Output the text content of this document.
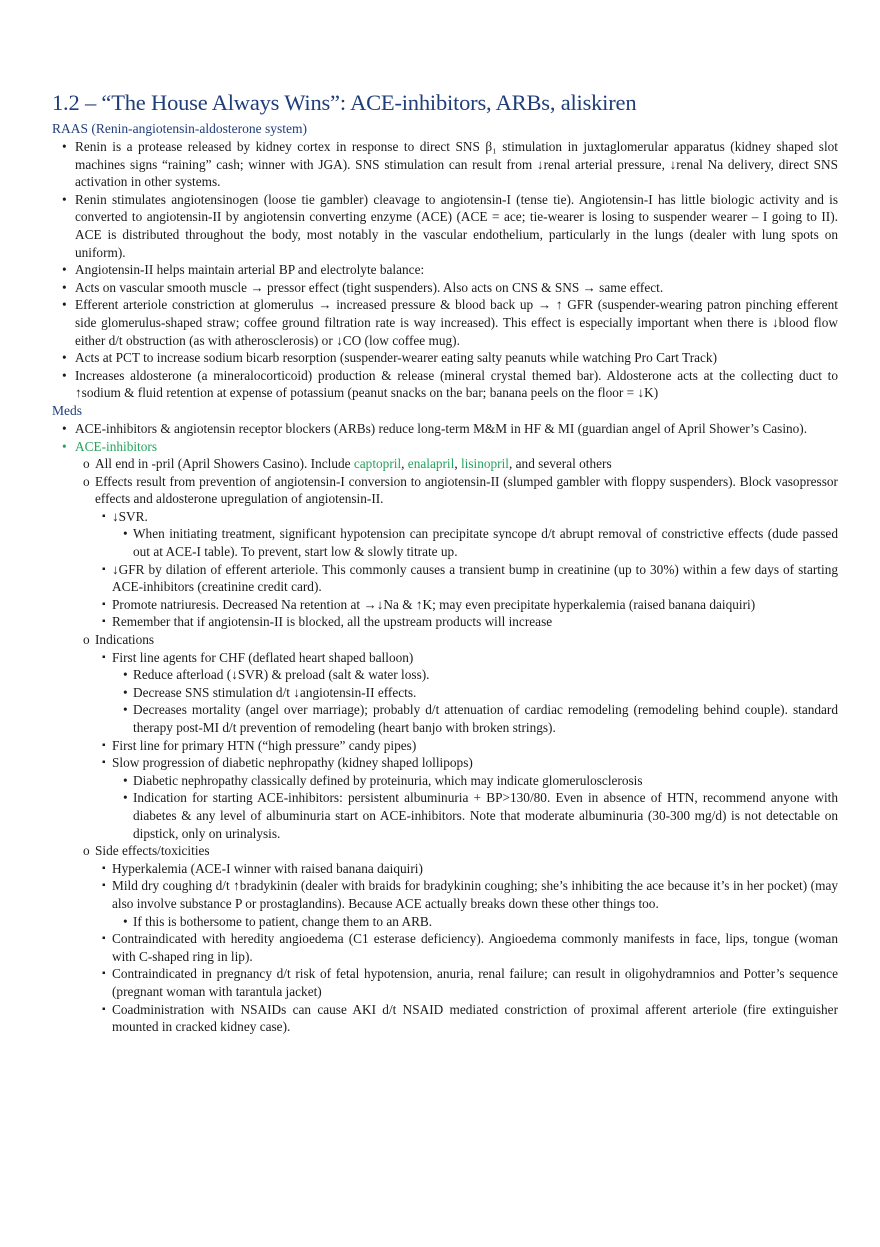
1.2 – “The House Always Wins”: ACE-inhibitors, ARBs, aliskiren
RAAS (Renin-angiotensin-aldosterone system)
• Renin is a protease released by kidney cortex in response to direct SNS β₁ stimulation in juxtaglomerular apparatus (kidney shaped slot machines signs “raining” cash; winner with JGA). SNS stimulation can result from ↓renal arterial pressure, ↓renal Na delivery, direct SNS activation in other systems.
• Renin stimulates angiotensinogen (loose tie gambler) cleavage to angiotensin-I (tense tie). Angiotensin-I has little biologic activity and is converted to angiotensin-II by angiotensin converting enzyme (ACE) (ACE = ace; tie-wearer is losing to suspender wearer – I going to II). ACE is distributed throughout the body, most notably in the vascular endothelium, particularly in the lungs (dealer with lung spots on uniform).
• Angiotensin-II helps maintain arterial BP and electrolyte balance:
• Acts on vascular smooth muscle → pressor effect (tight suspenders). Also acts on CNS & SNS → same effect.
• Efferent arteriole constriction at glomerulus → increased pressure & blood back up → ↑ GFR (suspender-wearing patron pinching efferent side glomerulus-shaped straw; coffee ground filtration rate is way increased). This effect is especially important when there is ↓blood flow either d/t obstruction (as with atherosclerosis) or ↓CO (low coffee mug).
• Acts at PCT to increase sodium bicarb resorption (suspender-wearer eating salty peanuts while watching Pro Cart Track)
• Increases aldosterone (a mineralocorticoid) production & release (mineral crystal themed bar). Aldosterone acts at the collecting duct to ↑sodium & fluid retention at expense of potassium (peanut snacks on the bar; banana peels on the floor = ↓K)
Meds
• ACE-inhibitors & angiotensin receptor blockers (ARBs) reduce long-term M&M in HF & MI (guardian angel of April Shower’s Casino).
• ACE-inhibitors
o All end in -pril (April Showers Casino). Include captopril, enalapril, lisinopril, and several others
o Effects result from prevention of angiotensin-I conversion to angiotensin-II (slumped gambler with floppy suspenders). Block vasopressor effects and aldosterone upregulation of angiotensin-II.
▪ ↓SVR.
• When initiating treatment, significant hypotension can precipitate syncope d/t abrupt removal of constrictive effects (dude passed out at ACE-I table). To prevent, start low & slowly titrate up.
▪ ↓GFR by dilation of efferent arteriole. This commonly causes a transient bump in creatinine (up to 30%) within a few days of starting ACE-inhibitors (creatinine credit card).
▪ Promote natriuresis. Decreased Na retention at →↓Na & ↑K; may even precipitate hyperkalemia (raised banana daiquiri)
▪ Remember that if angiotensin-II is blocked, all the upstream products will increase
o Indications
▪ First line agents for CHF (deflated heart shaped balloon)
• Reduce afterload (↓SVR) & preload (salt & water loss).
• Decrease SNS stimulation d/t ↓angiotensin-II effects.
• Decreases mortality (angel over marriage); probably d/t attenuation of cardiac remodeling (remodeling behind couple). standard therapy post-MI d/t prevention of remodeling (heart banjo with broken strings).
▪ First line for primary HTN (“high pressure” candy pipes)
▪ Slow progression of diabetic nephropathy (kidney shaped lollipops)
• Diabetic nephropathy classically defined by proteinuria, which may indicate glomerulosclerosis
• Indication for starting ACE-inhibitors: persistent albuminuria + BP>130/80. Even in absence of HTN, recommend anyone with diabetes & any level of albuminuria start on ACE-inhibitors. Note that moderate albuminuria (30-300 mg/d) is not detectable on dipstick, only on urinalysis.
o Side effects/toxicities
▪ Hyperkalemia (ACE-I winner with raised banana daiquiri)
▪ Mild dry coughing d/t ↑bradykinin (dealer with braids for bradykinin coughing; she’s inhibiting the ace because it’s in her pocket) (may also involve substance P or prostaglandins). Because ACE actually breaks down these other things too.
• If this is bothersome to patient, change them to an ARB.
▪ Contraindicated with heredity angioedema (C1 esterase deficiency). Angioedema commonly manifests in face, lips, tongue (woman with C-shaped ring in lip).
▪ Contraindicated in pregnancy d/t risk of fetal hypotension, anuria, renal failure; can result in oligohydramnios and Potter’s sequence (pregnant woman with tarantula jacket)
▪ Coadministration with NSAIDs can cause AKI d/t NSAID mediated constriction of proximal afferent arteriole (fire extinguisher mounted in cracked kidney case).
